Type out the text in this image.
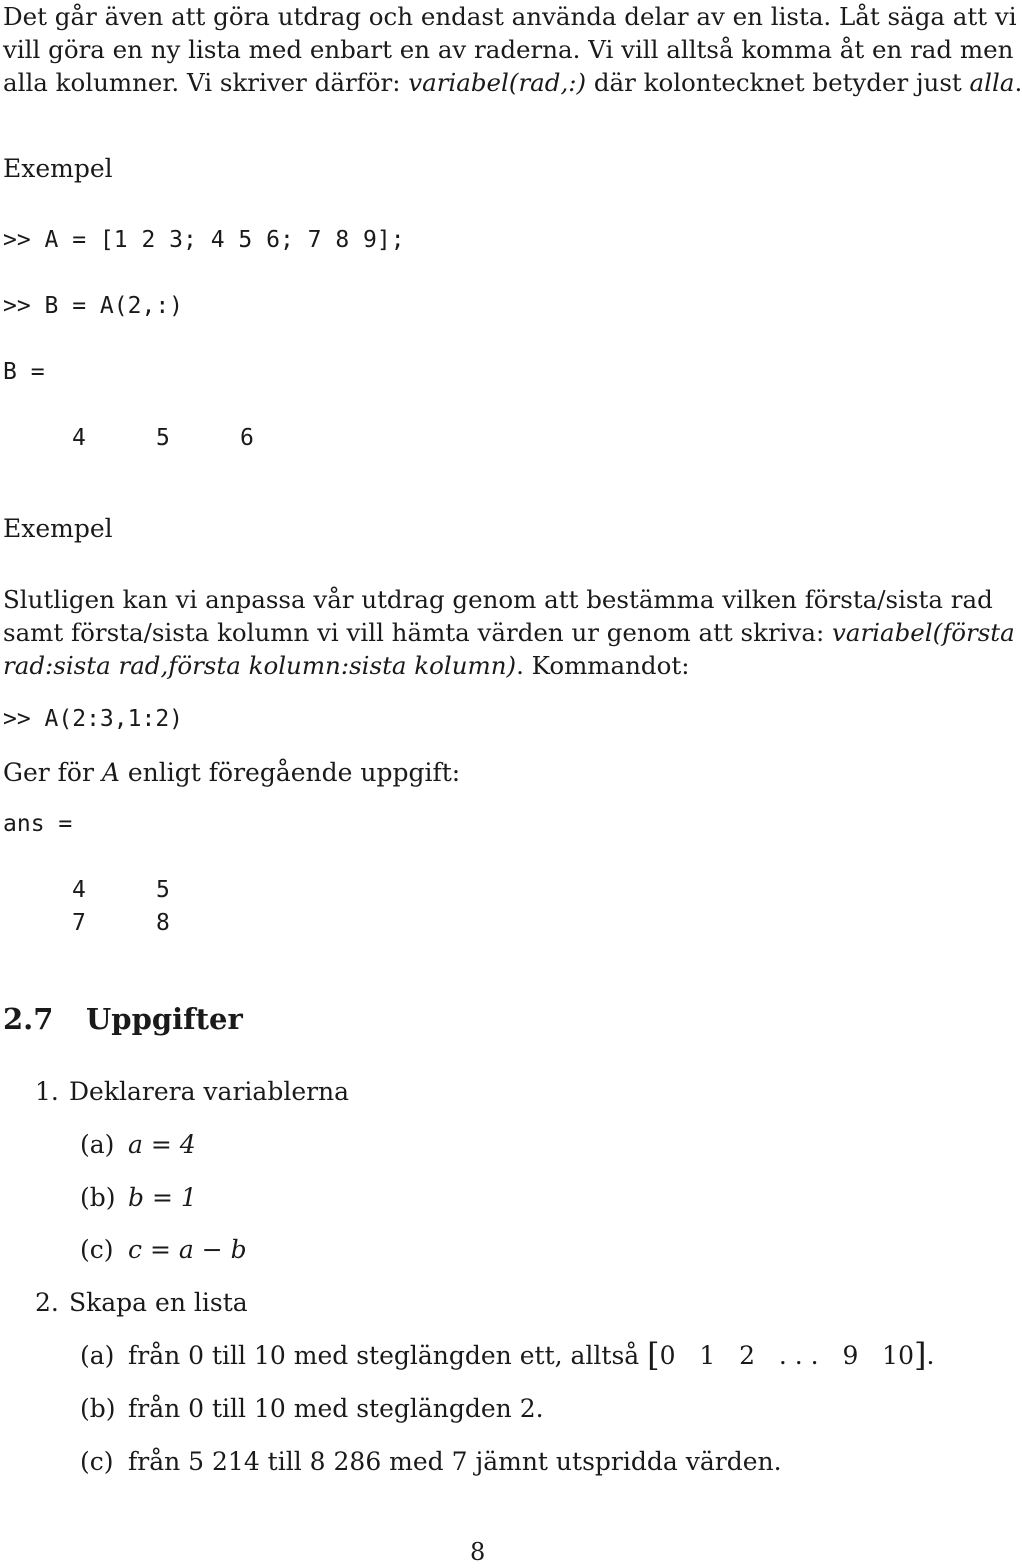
Det går även att göra utdrag och endast använda delar av en lista. Låt säga att vi
vill göra en ny lista med enbart en av raderna. Vi vill alltså komma åt en rad men
alla kolumner. Vi skriver därför: variabel(rad,:) där kolontecknet betyder just alla.
Exempel
>> A = [1 2 3; 4 5 6; 7 8 9];
>> B = A(2,:)
B =
4	5	6
Exempel
Slutligen kan vi anpassa vår utdrag genom att bestämma vilken första/sista rad
samt första/sista kolumn vi vill hämta värden ur genom att skriva: variabel(första
rad:sista rad,första kolumn:sista kolumn). Kommandot:
>> A(2:3,1:2)
Ger för A enligt föregående uppgift:
ans =
4	5
7	8
2.7 Uppgifter
1. Deklarera variablerna
(a) a = 4
(b) b = 1
(c) c = a − b
2. Skapa en lista
(a) från 0 till 10 med steglängden ett, alltså [0   1   2   . . .   9   10].
(b) från 0 till 10 med steglängden 2.
(c) från 5 214 till 8 286 med 7 jämnt utspridda värden.
8
